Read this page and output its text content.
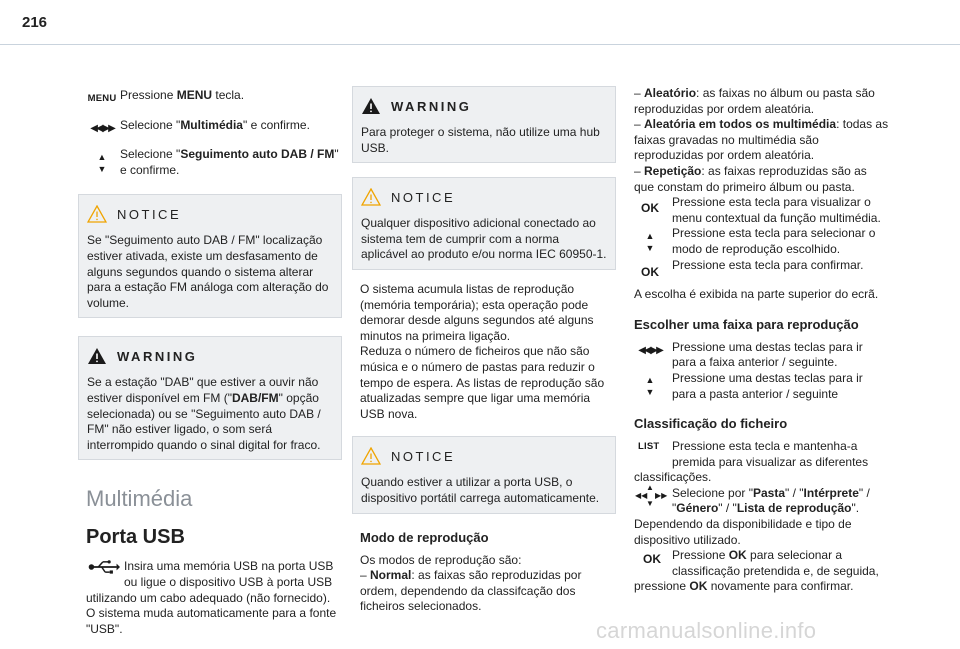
216
MENU Pressione MENU tecla.
◀◀ ▶▶ Selecione "Multimédia" e confirme.
▲
▼
Selecione "Seguimento auto DAB / FM" e confirme.
NOTICE
Se "Seguimento auto DAB / FM" localização estiver ativada, existe um desfasamento de alguns segundos quando o sistema alterar para a estação FM análoga com alteração do volume.
WARNING
Se a estação "DAB" que estiver a ouvir não estiver disponível em FM ("DAB/FM" opção selecionada) ou se "Seguimento auto DAB / FM" não estiver ligado, o som será interrompido quando o sinal digital for fraco.
Multimédia
Porta USB
Insira uma memória USB na porta USB ou ligue o dispositivo USB à porta USB utilizando um cabo adequado (não fornecido).
O sistema muda automaticamente para a fonte "USB".
WARNING
Para proteger o sistema, não utilize uma hub USB.
NOTICE
Qualquer dispositivo adicional conectado ao sistema tem de cumprir com a norma aplicável ao produto e/ou norma IEC 60950-1.
O sistema acumula listas de reprodução (memória temporária); esta operação pode demorar desde alguns segundos até alguns minutos na primeira ligação.
Reduza o número de ficheiros que não são música e o número de pastas para reduzir o tempo de espera. As listas de reprodução são atualizadas sempre que ligar uma memória USB nova.
NOTICE
Quando estiver a utilizar a porta USB, o dispositivo portátil carrega automaticamente.
Modo de reprodução
Os modos de reprodução são:
– Normal: as faixas são reproduzidas por ordem, dependendo da classifcação dos ficheiros selecionados.
– Aleatório: as faixas no álbum ou pasta são reproduzidas por ordem aleatória.
– Aleatória em todos os multimédia: todas as faixas gravadas no multimédia são reproduzidas por ordem aleatória.
– Repetição: as faixas reproduzidas são as que constam do primeiro álbum ou pasta.
OK	Pressione esta tecla para visualizar o menu contextual da função multimédia.
▲
▼
Pressione esta tecla para selecionar o modo de reprodução escolhido.
OK
Pressione esta tecla para confirmar.
A escolha é exibida na parte superior do ecrã.
Escolher uma faixa para reprodução
◀◀ ▶▶ Pressione uma destas teclas para ir para a faixa anterior / seguinte.
▲
▼
Pressione uma destas teclas para ir para a pasta anterior / seguinte
Classificação do ficheiro
LIST	Pressione esta tecla e mantenha-a premida para visualizar as diferentes classificações.
▲
◀◀ ▶▶
▼
Selecione por "Pasta" / "Intérprete" / "Género" / "Lista de reprodução".
Dependendo da disponibilidade e tipo de dispositivo utilizado.
OK Pressione OK para selecionar a classificação pretendida e, de seguida, pressione OK novamente para confirmar.
carmanualsonline.info
